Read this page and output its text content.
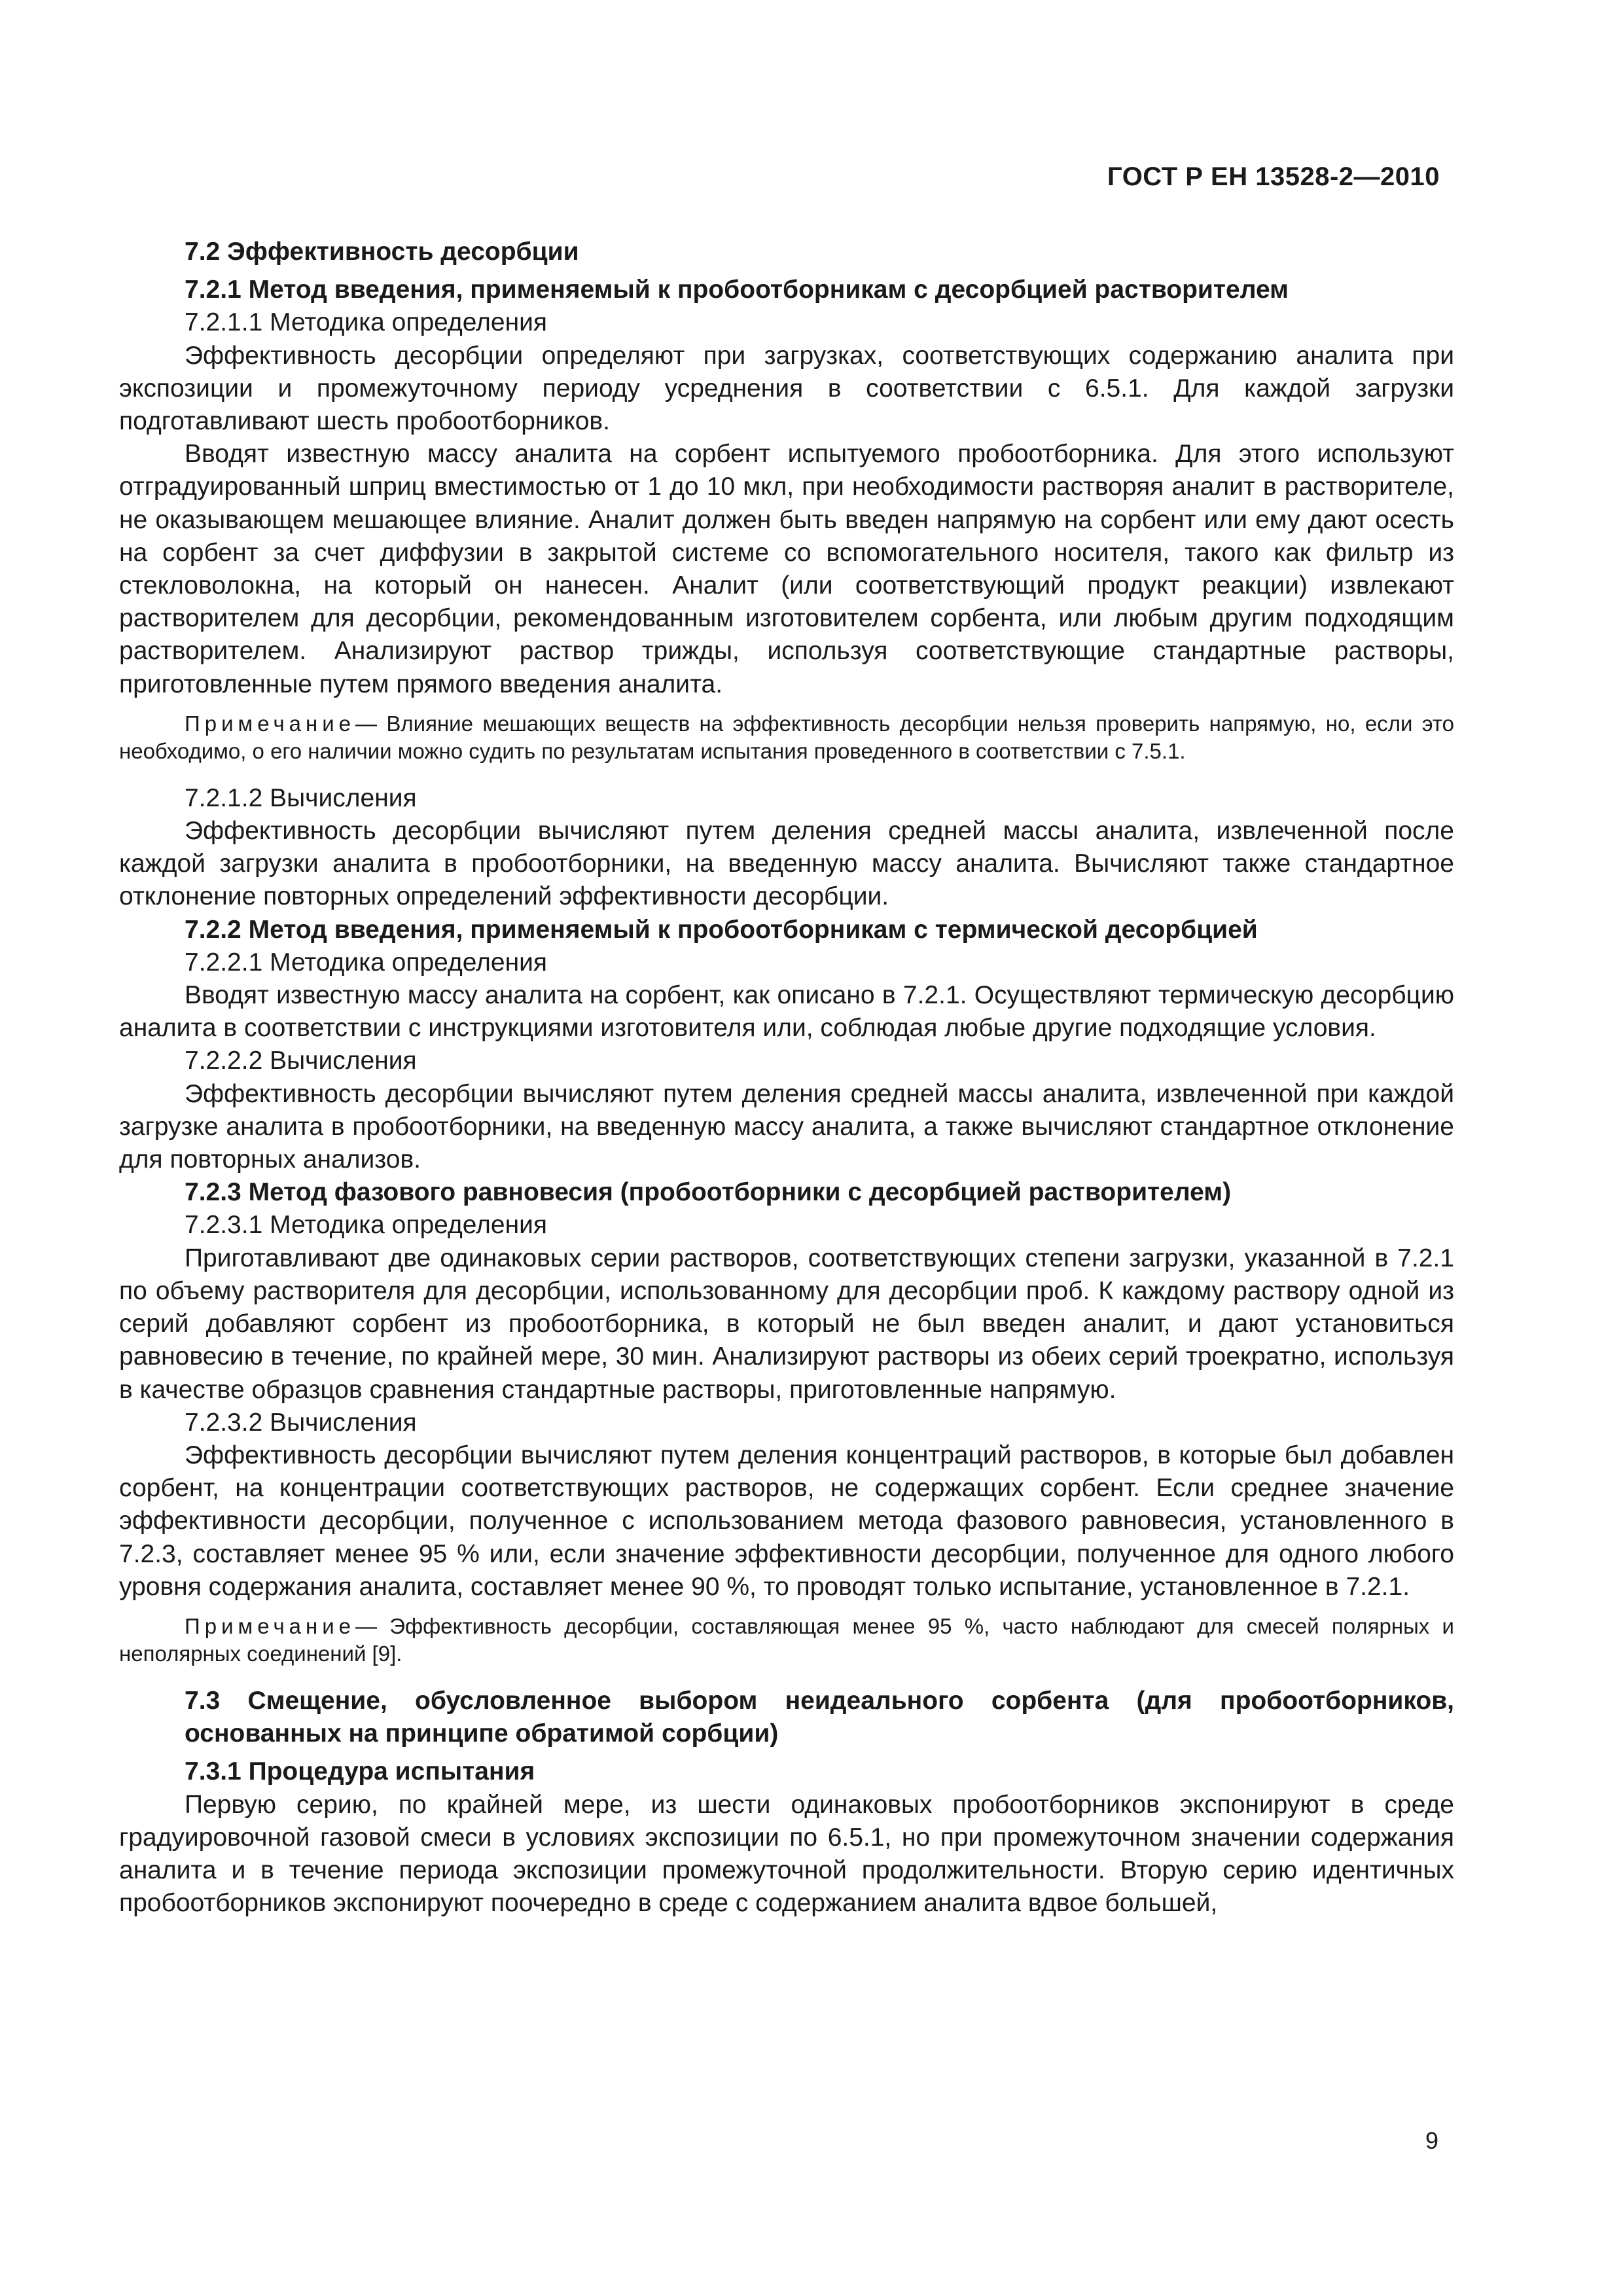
ГОСТ Р ЕН 13528-2—2010

7.2 Эффективность десорбции

7.2.1 Метод введения, применяемый к пробоотборникам с десорбцией растворителем

7.2.1.1 Методика определения

Эффективность десорбции определяют при загрузках, соответствующих содержанию аналита при экспозиции и промежуточному периоду усреднения в соответствии с 6.5.1. Для каждой загрузки подготавливают шесть пробоотборников.

Вводят известную массу аналита на сорбент испытуемого пробоотборника. Для этого используют отградуированный шприц вместимостью от 1 до 10 мкл, при необходимости растворяя аналит в растворителе, не оказывающем мешающее влияние. Аналит должен быть введен напрямую на сорбент или ему дают осесть на сорбент за счет диффузии в закрытой системе со вспомогательного носителя, такого как фильтр из стекловолокна, на который он нанесен. Аналит (или соответствующий продукт реакции) извлекают растворителем для десорбции, рекомендованным изготовителем сорбента, или любым другим подходящим растворителем. Анализируют раствор трижды, используя соответствующие стандартные растворы, приготовленные путем прямого введения аналита.

Примечание— Влияние мешающих веществ на эффективность десорбции нельзя проверить напрямую, но, если это необходимо, о его наличии можно судить по результатам испытания проведенного в соответствии с 7.5.1.

7.2.1.2 Вычисления

Эффективность десорбции вычисляют путем деления средней массы аналита, извлеченной после каждой загрузки аналита в пробоотборники, на введенную массу аналита. Вычисляют также стандартное отклонение повторных определений эффективности десорбции.

7.2.2 Метод введения, применяемый к пробоотборникам с термической десорбцией

7.2.2.1 Методика определения

Вводят известную массу аналита на сорбент, как описано в 7.2.1. Осуществляют термическую десорбцию аналита в соответствии с инструкциями изготовителя или, соблюдая любые другие подходящие условия.

7.2.2.2 Вычисления

Эффективность десорбции вычисляют путем деления средней массы аналита, извлеченной при каждой загрузке аналита в пробоотборники, на введенную массу аналита, а также вычисляют стандартное отклонение для повторных анализов.

7.2.3 Метод фазового равновесия (пробоотборники с десорбцией растворителем)

7.2.3.1 Методика определения

Приготавливают две одинаковых серии растворов, соответствующих степени загрузки, указанной в 7.2.1 по объему растворителя для десорбции, использованному для десорбции проб. К каждому раствору одной из серий добавляют сорбент из пробоотборника, в который не был введен аналит, и дают установиться равновесию в течение, по крайней мере, 30 мин. Анализируют растворы из обеих серий троекратно, используя в качестве образцов сравнения стандартные растворы, приготовленные напрямую.

7.2.3.2 Вычисления

Эффективность десорбции вычисляют путем деления концентраций растворов, в которые был добавлен сорбент, на концентрации соответствующих растворов, не содержащих сорбент. Если среднее значение эффективности десорбции, полученное с использованием метода фазового равновесия, установленного в 7.2.3, составляет менее 95 % или, если значение эффективности десорбции, полученное для одного любого уровня содержания аналита, составляет менее 90 %, то проводят только испытание, установленное в 7.2.1.

Примечание— Эффективность десорбции, составляющая менее 95 %, часто наблюдают для смесей полярных и неполярных соединений [9].

7.3 Смещение, обусловленное выбором неидеального сорбента (для пробоотборников, основанных на принципе обратимой сорбции)

7.3.1 Процедура испытания

Первую серию, по крайней мере, из шести одинаковых пробоотборников экспонируют в среде градуировочной газовой смеси в условиях экспозиции по 6.5.1, но при промежуточном значении содержания аналита и в течение периода экспозиции промежуточной продолжительности. Вторую серию идентичных пробоотборников экспонируют поочередно в среде с содержанием аналита вдвое большей,

9
